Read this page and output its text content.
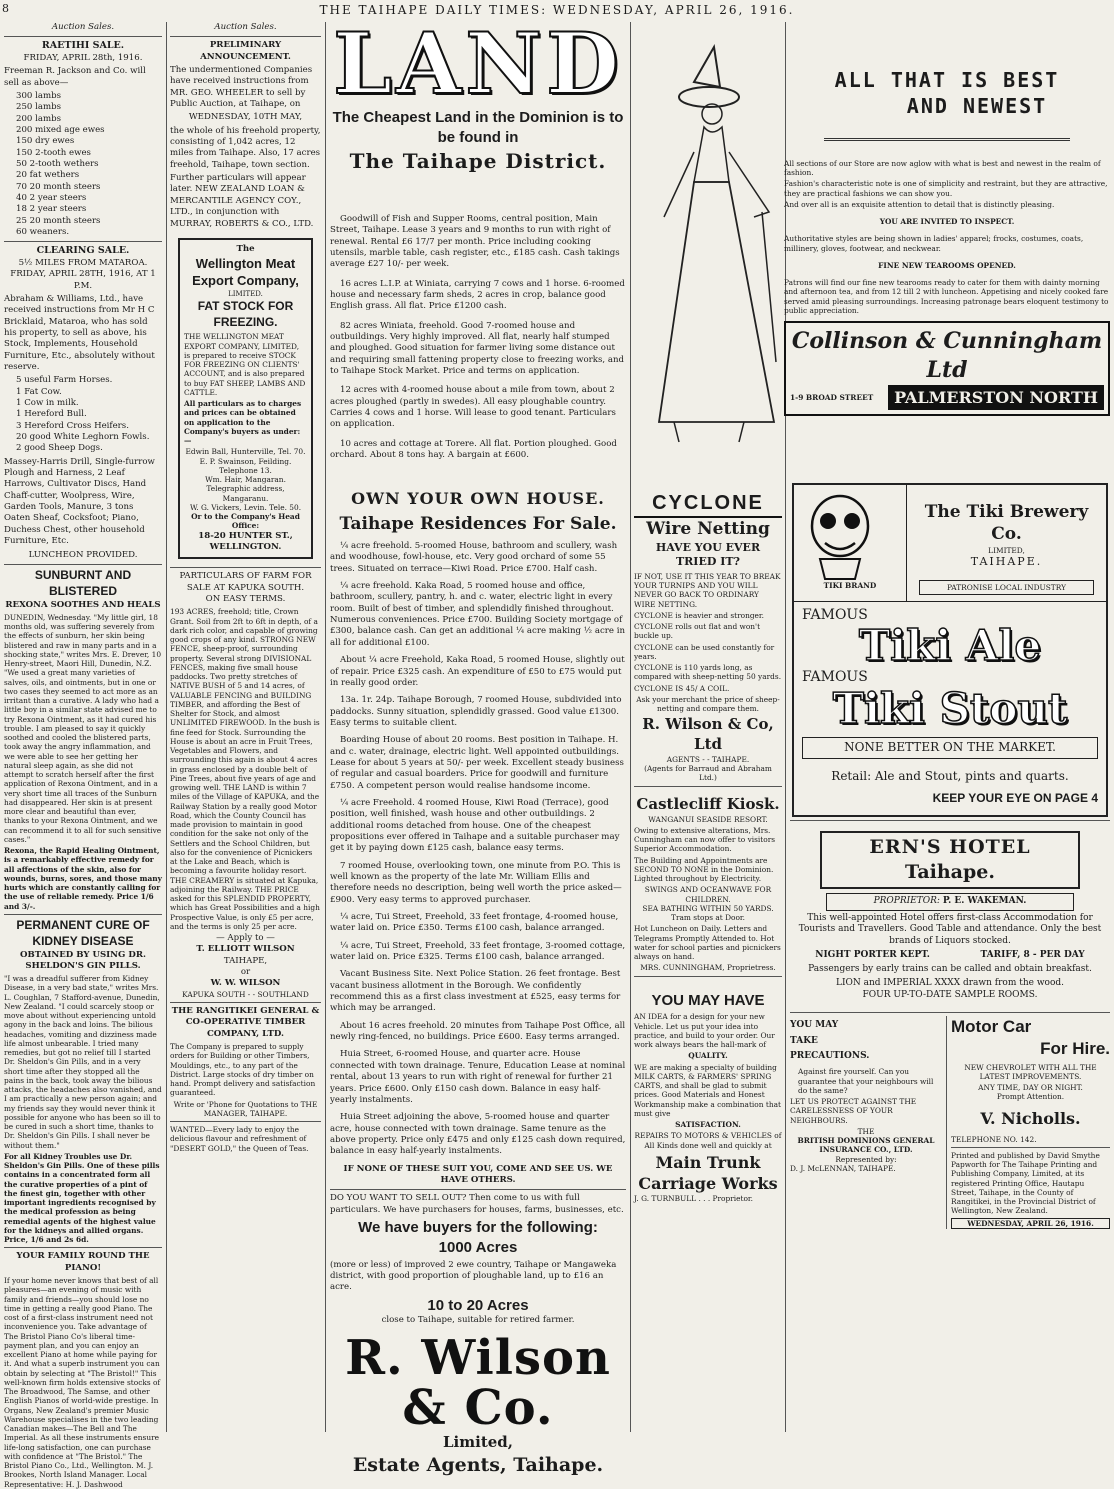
8	THE TAIHAPE DAILY TIMES: WEDNESDAY, APRIL 26, 1916.
Auction Sales.
RAETIHI SALE.
FRIDAY, APRIL 28th, 1916.

Freeman R. Jackson and Co. will sell as above—

300 lambs
250 lambs
200 lambs
200 mixed age ewes
150 dry ewes
150 2-tooth ewes
50 2-tooth wethers
20 fat wethers
70 20 month steers
40 2 year steers
18 2 year steers
25 20 month steers
60 weaners.
CLEARING SALE.
5½ MILES FROM MATAROA.
FRIDAY, APRIL 28TH, 1916, AT 1 P.M.

Abraham & Williams, Ltd., have received instructions from Mr H C Bricklaid, Mataroa, who has sold his property, to sell as above, his Stock, Implements, Household Furniture, Etc., absolutely without reserve.

5 useful Farm Horses.
1 Fat Cow.
1 Cow in milk.
1 Hereford Bull.
3 Hereford Cross Heifers.
20 good White Leghorn Fowls.
2 good Sheep Dogs.

Massey-Harris Drill, Single-furrow Plough and Harness, 2 Leaf Harrows, Cultivator Discs, Hand Chaff-cutter, Woolpress, Wire, Garden Tools, Manure, 3 tons Oaten Sheaf, Cocksfoot; Piano, Duchess Chest, other household Furniture, Etc.

LUNCHEON PROVIDED.
SUNBURNT AND BLISTERED
REXONA SOOTHES AND HEALS

DUNEDIN, Wednesday. "My little girl, 18 months old, was suffering severely from the effects of sunburn, her skin being blistered and raw in many parts and in a shocking state," writes Mrs. E. Drever, 10 Henry-street, Maori Hill, Dunedin, N.Z. "We used a great many varieties of salves, oils, and ointments, but in one or two cases they seemed to act more as an irritant than a curative. A lady who had a little boy in a similar state advised me to try Rexona Ointment, as it had cured his trouble. I am pleased to say it quickly soothed and cooled the blistered parts, took away the angry inflammation, and we were able to see her getting her natural sleep again, as she did not attempt to scratch herself after the first application of Rexona Ointment, and in a very short time all traces of the Sunburn had disappeared. Her skin is at present more clear and beautiful than ever, thanks to your Rexona Ointment, and we can recommend it to all for such sensitive cases."

Rexona, the Rapid Healing Ointment, is a remarkably effective remedy for all affections of the skin, also for wounds, burns, sores, and those many hurts which are constantly calling for the use of reliable remedy. Price 1/6 and 3/-.

PERMANENT CURE OF KIDNEY DISEASE
OBTAINED BY USING DR. SHELDON'S GIN PILLS.

"I was a dreadful sufferer from Kidney Disease, in a very bad state," writes Mrs. L. Coughlan, 7 Stafford-avenue, Dunedin, New Zealand. "I could scarcely stoop or move about without experiencing untold agony in the back and loins. The bilious headaches, vomiting and dizziness made life almost unbearable. I tried many remedies, but got no relief till I started Dr. Sheldon's Gin Pills, and in a very short time after they stopped all the pains in the back, took away the bilious attacks, the headaches also vanished, and I am practically a new person again; and my friends say they would never think it possible for anyone who has been so ill to be cured in such a short time, thanks to Dr. Sheldon's Gin Pills. I shall never be without them."

For all Kidney Troubles use Dr. Sheldon's Gin Pills. One of these pills contains in a concentrated form all the curative properties of a pint of the finest gin, together with other important ingredients recognised by the medical profession as being remedial agents of the highest value for the kidneys and allied organs. Price, 1/6 and 2s 6d.

YOUR FAMILY ROUND THE PIANO!

If your home never knows that best of all pleasures—an evening of music with family and friends—you should lose no time in getting a really good Piano. The cost of a first-class instrument need not inconvenience you. Take advantage of The Bristol Piano Co's liberal time-payment plan, and you can enjoy an excellent Piano at home while paying for it. And what a superb instrument you can obtain by selecting at "The Bristol!" This well-known firm holds extensive stocks of The Broadwood, The Samse, and other English Pianos of world-wide prestige. In Organs, New Zealand's premier Music Warehouse specialises in the two leading Canadian makes—The Bell and The Imperial. As all these instruments ensure life-long satisfaction, one can purchase with confidence at "The Bristol." The Bristol Piano Co., Ltd., Wellington. M. J. Brookes, North Island Manager. Local Representative: H. J. Dashwood

Auction Sales.
PRELIMINARY ANNOUNCEMENT.

The undermentioned Companies have received instructions from MR. GEO. WHEELER to sell by Public Auction, at Taihape, on

WEDNESDAY, 10TH MAY,

the whole of his freehold property, consisting of 1,042 acres, 12 miles from Taihape. Also, 17 acres freehold, Taihape, town section.

Further particulars will appear later. NEW ZEALAND LOAN & MERCANTILE AGENCY COY., LTD., in conjunction with MURRAY, ROBERTS & CO., LTD.

The
Wellington Meat Export Company,
LIMITED.
FAT STOCK FOR FREEZING.

THE WELLINGTON MEAT EXPORT COMPANY, LIMITED, is prepared to receive STOCK FOR FREEZING ON CLIENTS' ACCOUNT, and is also prepared to buy FAT SHEEP, LAMBS AND CATTLE.

All particulars as to charges and prices can be obtained on application to the Company's buyers as under:—

Edwin Ball, Hunterville, Tel. 70.
E. P. Swainson, Feilding. Telephone 13.
Wm. Hair, Mangaran. Telegraphic address, Mangaranu.
W. G. Vickers, Levin. Tele. 50.
Or to the Company's Head Office:
18-20 HUNTER ST., WELLINGTON.
PARTICULARS OF FARM FOR SALE AT KAPUKA SOUTH.
ON EASY TERMS.

193 ACRES, freehold; title, Crown Grant. Soil from 2ft to 6ft in depth, of a dark rich color, and capable of growing good crops of any kind. STRONG NEW FENCE, sheep-proof, surrounding property. Several strong DIVISIONAL FENCES, making five small house paddocks. Two pretty stretches of NATIVE BUSH of 5 and 14 acres, of VALUABLE FENCING and BUILDING TIMBER, and affording the Best of Shelter for Stock, and almost UNLIMITED FIREWOOD. In the bush is fine feed for Stock. Surrounding the House is about an acre in Fruit Trees, Vegetables and Flowers, and surrounding this again is about 4 acres in grass enclosed by a double belt of Pine Trees, about five years of age and growing well. THE LAND is within 7 miles of the Village of KAPUKA, and the Railway Station by a really good Motor Road, which the County Council has made provision to maintain in good condition for the sake not only of the Settlers and the School Children, but also for the convenience of Picnickers at the Lake and Beach, which is becoming a favourite holiday resort. THE CREAMERY is situated at Kapuka, adjoining the Railway. THE PRICE asked for this SPLENDID PROPERTY, which has Great Possibilities and a high Prospective Value, is only £5 per acre, and the terms is only 25 per acre.

— Apply to —
T. ELLIOTT WILSON
TAIHAPE,
or
W. W. WILSON
KAPUKA SOUTH - - SOUTHLAND
THE RANGITIKEI GENERAL & CO-OPERATIVE TIMBER COMPANY, LTD.

The Company is prepared to supply orders for Building or other Timbers, Mouldings, etc., to any part of the District. Large stocks of dry timber on hand. Prompt delivery and satisfaction guaranteed.

Write or 'Phone for Quotations to THE MANAGER, TAIHAPE.

WANTED—Every lady to enjoy the delicious flavour and refreshment of "DESERT GOLD," the Queen of Teas.

LAND
The Cheapest Land in the Dominion is to be found in
The Taihape District.

Goodwill of Fish and Supper Rooms, central position, Main Street, Taihape. Lease 3 years and 9 months to run with right of renewal. Rental £6 17/7 per month. Price including cooking utensils, marble table, cash register, etc., £185 cash. Cash takings average £27 10/- per week.

16 acres L.I.P. at Winiata, carrying 7 cows and 1 horse. 6-roomed house and necessary farm sheds, 2 acres in crop, balance good English grass. All flat. Price £1200 cash.

82 acres Winiata, freehold. Good 7-roomed house and outbuildings. Very highly improved. All flat, nearly half stumped and ploughed. Good situation for farmer living some distance out and requiring small fattening property close to freezing works, and to Taihape Stock Market. Price and terms on application.

12 acres with 4-roomed house about a mile from town, about 2 acres ploughed (partly in swedes). All easy ploughable country. Carries 4 cows and 1 horse. Will lease to good tenant. Particulars on application.

10 acres and cottage at Torere. All flat. Portion ploughed. Good orchard. About 8 tons hay. A bargain at £600.

OWN YOUR OWN HOUSE.
Taihape Residences For Sale.

¼ acre freehold. 5-roomed House, bathroom and scullery, wash and woodhouse, fowl-house, etc. Very good orchard of some 55 trees. Situated on terrace—Kiwi Road. Price £700. Half cash.

¼ acre freehold. Kaka Road, 5 roomed house and office, bathroom, scullery, pantry, h. and c. water, electric light in every room. Built of best of timber, and splendidly finished throughout. Numerous conveniences. Price £700. Building Society mortgage of £300, balance cash. Can get an additional ¼ acre making ½ acre in all for additional £100.

About ¼ acre Freehold, Kaka Road, 5 roomed House, slightly out of repair. Price £325 cash. An expenditure of £50 to £75 would put in really good order.

13a. 1r. 24p. Taihape Borough, 7 roomed House, subdivided into paddocks. Sunny situation, splendidly grassed. Good value £1300. Easy terms to suitable client.

Boarding House of about 20 rooms. Best position in Taihape. H. and c. water, drainage, electric light. Well appointed outbuildings. Lease for about 5 years at 50/- per week. Excellent steady business of regular and casual boarders. Price for goodwill and furniture £750. A competent person would realise handsome income.

¼ acre Freehold. 4 roomed House, Kiwi Road (Terrace), good position, well finished, wash house and other outbuildings. 2 additional rooms detached from house. One of the cheapest propositions ever offered in Taihape and a suitable purchaser may get it by paying down £125 cash, balance easy terms.

7 roomed House, overlooking town, one minute from P.O. This is well known as the property of the late Mr. William Ellis and therefore needs no description, being well worth the price asked—£900. Very easy terms to approved purchaser.

¼ acre, Tui Street, Freehold, 33 feet frontage, 4-roomed house, water laid on. Price £350. Terms £100 cash, balance arranged.

¼ acre, Tui Street, Freehold, 33 feet frontage, 3-roomed cottage, water laid on. Price £325. Terms £100 cash, balance arranged.

Vacant Business Site. Next Police Station. 26 feet frontage. Best vacant business allotment in the Borough. We confidently recommend this as a first class investment at £525, easy terms for which may be arranged.

About 16 acres freehold. 20 minutes from Taihape Post Office, all newly ring-fenced, no buildings. Price £600. Easy terms arranged.

Huia Street, 6-roomed House, and quarter acre. House connected with town drainage. Tenure, Education Lease at nominal rental, about 13 years to run with right of renewal for further 21 years. Price £600. Only £150 cash down. Balance in easy half-yearly instalments.

Huia Street adjoining the above, 5-roomed house and quarter acre, house connected with town drainage. Same tenure as the above property. Price only £475 and only £125 cash down required, balance in easy half-yearly instalments.

IF NONE OF THESE SUIT YOU, COME AND SEE US. WE HAVE OTHERS.

DO YOU WANT TO SELL OUT? Then come to us with full particulars. We have purchasers for houses, farms, businesses, etc.

We have buyers for the following:
1000 Acres

(more or less) of improved 2 ewe country, Taihape or Mangaweka district, with good proportion of ploughable land, up to £16 an acre.

10 to 20 Acres
close to Taihape, suitable for retired farmer.
R. Wilson & Co.
Limited,
Estate Agents, Taihape.
ALL THAT IS BEST
AND NEWEST

All sections of our Store are now aglow with what is best and newest in the realm of fashion.

Fashion's characteristic note is one of simplicity and restraint, but they are attractive, they are practical fashions we can show you.

And over all is an exquisite attention to detail that is distinctly pleasing.

YOU ARE INVITED TO INSPECT.

Authoritative styles are being shown in ladies' apparel; frocks, costumes, coats, millinery, gloves, footwear, and neckwear.

FINE NEW TEAROOMS OPENED.

Patrons will find our fine new tearooms ready to cater for them with dainty morning and afternoon tea, and from 12 till 2 with luncheon. Appetising and nicely cooked fare served amid pleasing surroundings. Increasing patronage bears eloquent testimony to public appreciation.

Collinson & Cunningham Ltd
1-9 BROAD STREET	PALMERSTON NORTH
CYCLONE
Wire Netting
HAVE YOU EVER TRIED IT?

IF NOT, USE IT THIS YEAR TO BREAK YOUR TURNIPS AND YOU WILL NEVER GO BACK TO ORDINARY WIRE NETTING.

CYCLONE is heavier and stronger.

CYCLONE rolls out flat and won't buckle up.

CYCLONE can be used constantly for years.

CYCLONE is 110 yards long, as compared with sheep-netting 50 yards.

CYCLONE IS 45/ A COIL.

Ask your merchant the price of sheep-netting and compare them.

R. Wilson & Co, Ltd
AGENTS - - TAIHAPE.
(Agents for Barraud and Abraham Ltd.)
Castlecliff Kiosk.
WANGANUI SEASIDE RESORT.

Owing to extensive alterations, Mrs. Cunningham can now offer to visitors Superior Accommodation.

The Building and Appointments are SECOND TO NONE in the Dominion. Lighted throughout by Electricity.

SWINGS AND OCEANWAVE FOR CHILDREN.
SEA BATHING WITHIN 50 YARDS. Tram stops at Door.

Hot Luncheon on Daily. Letters and Telegrams Promptly Attended to. Hot water for school parties and picnickers always on hand.

MRS. CUNNINGHAM, Proprietress.
YOU MAY HAVE

AN IDEA for a design for your new Vehicle. Let us put your idea into practice, and build to your order. Our work always bears the hall-mark of

QUALITY.

WE are making a specialty of building MILK CARTS, & FARMERS' SPRING CARTS, and shall be glad to submit prices. Good Materials and Honest Workmanship make a combination that must give

SATISFACTION.

REPAIRS TO MOTORS & VEHICLES of All Kinds done well and quickly at

Main Trunk
Carriage Works
J. G. TURNBULL . . . Proprietor.
TIKI BRAND
The Tiki Brewery Co.
LIMITED,
TAIHAPE.
PATRONISE LOCAL INDUSTRY
FAMOUS
Tiki Ale
FAMOUS
Tiki Stout
NONE BETTER ON THE MARKET.
Retail: Ale and Stout, pints and quarts.
KEEP YOUR EYE ON PAGE 4
ERN'S HOTEL
Taihape.
PROPRIETOR: P. E. WAKEMAN.

This well-appointed Hotel offers first-class Accommodation for Tourists and Travellers. Good Table and attendance. Only the best brands of Liquors stocked.

NIGHT PORTER KEPT.	TARIFF, 8 - PER DAY

Passengers by early trains can be called and obtain breakfast.

LION and IMPERIAL XXXX drawn from the wood.
FOUR UP-TO-DATE SAMPLE ROOMS.
YOU MAY
TAKE
PRECAUTIONS.

Against fire yourself. Can you guarantee that your neighbours will do the same?

LET US PROTECT AGAINST THE CARELESSNESS OF YOUR NEIGHBOURS.

THE
BRITISH DOMINIONS GENERAL INSURANCE CO., LTD.
Represented by:
D. J. McLENNAN, TAIHAPE.
Motor Car
For Hire.

NEW CHEVROLET WITH ALL THE LATEST IMPROVEMENTS.

ANY TIME, DAY OR NIGHT.
Prompt Attention.
V. Nicholls.
TELEPHONE NO. 142.

Printed and published by David Smythe Papworth for The Taihape Printing and Publishing Company, Limited, at its registered Printing Office, Hautapu Street, Taihape, in the County of Rangitikei, in the Provincial District of Wellington, New Zealand.

WEDNESDAY, APRIL 26, 1916.
